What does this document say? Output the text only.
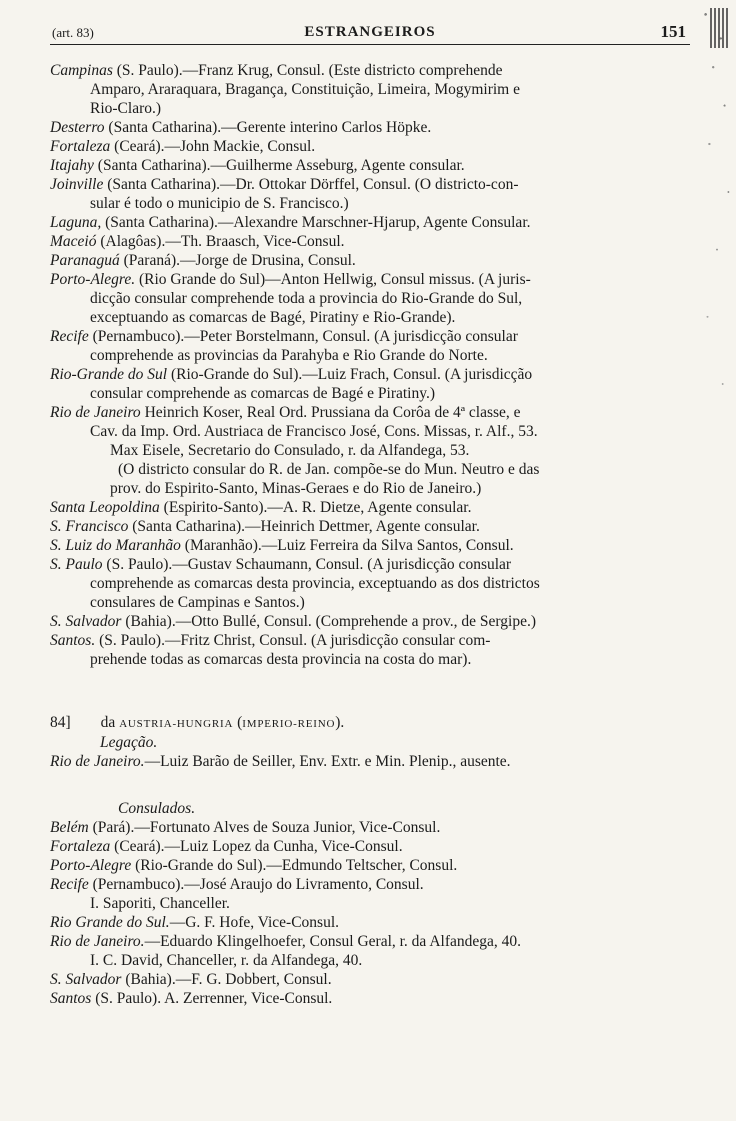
(art. 83)	ESTRANGEIROS	151
Campinas (S. Paulo).—Franz Krug, Consul. (Este districto comprehende
Amparo, Araraquara, Bragança, Constituição, Limeira, Mogymirim e
Rio-Claro.)
Desterro (Santa Catharina).—Gerente interino Carlos Höpke.
Fortaleza (Ceará).—John Mackie, Consul.
Itajahy (Santa Catharina).—Guilherme Asseburg, Agente consular.
Joinville (Santa Catharina).—Dr. Ottokar Dörffel, Consul. (O districto-con-
sular é todo o municipio de S. Francisco.)
Laguna, (Santa Catharina).—Alexandre Marschner-Hjarup, Agente Consular.
Maceió (Alagôas).—Th. Braasch, Vice-Consul.
Paranaguá (Paraná).—Jorge de Drusina, Consul.
Porto-Alegre. (Rio Grande do Sul)—Anton Hellwig, Consul missus. (A juris-
dicção consular comprehende toda a provincia do Rio-Grande do Sul,
exceptuando as comarcas de Bagé, Piratiny e Rio-Grande).
Recife (Pernambuco).—Peter Borstelmann, Consul. (A jurisdicção consular
comprehende as provincias da Parahyba e Rio Grande do Norte.
Rio-Grande do Sul (Rio-Grande do Sul).—Luiz Frach, Consul. (A jurisdicção
consular comprehende as comarcas de Bagé e Piratiny.)
Rio de Janeiro Heinrich Koser, Real Ord. Prussiana da Corôa de 4ª classe, e
Cav. da Imp. Ord. Austriaca de Francisco José, Cons. Missas, r. Alf., 53.
Max Eisele, Secretario do Consulado, r. da Alfandega, 53.
(O districto consular do R. de Jan. compõe-se do Mun. Neutro e das
prov. do Espirito-Santo, Minas-Geraes e do Rio de Janeiro.)
Santa Leopoldina (Espirito-Santo).—A. R. Dietze, Agente consular.
S. Francisco (Santa Catharina).—Heinrich Dettmer, Agente consular.
S. Luiz do Maranhão (Maranhão).—Luiz Ferreira da Silva Santos, Consul.
S. Paulo (S. Paulo).—Gustav Schaumann, Consul. (A jurisdicção consular
comprehende as comarcas desta provincia, exceptuando as dos districtos
consulares de Campinas e Santos.)
S. Salvador (Bahia).—Otto Bullé, Consul. (Comprehende a prov., de Sergipe.)
Santos. (S. Paulo).—Fritz Christ, Consul. (A jurisdicção consular com-
prehende todas as comarcas desta provincia na costa do mar).
84] da AUSTRIA-HUNGRIA (IMPERIO-REINO).
Legação.
Rio de Janeiro.—Luiz Barão de Seiller, Env. Extr. e Min. Plenip., ausente.
Consulados.
Belém (Pará).—Fortunato Alves de Souza Junior, Vice-Consul.
Fortaleza (Ceará).—Luiz Lopez da Cunha, Vice-Consul.
Porto-Alegre (Rio-Grande do Sul).—Edmundo Teltscher, Consul.
Recife (Pernambuco).—José Araujo do Livramento, Consul.
I. Saporiti, Chanceller.
Rio Grande do Sul.—G. F. Hofe, Vice-Consul.
Rio de Janeiro.—Eduardo Klingelhoefer, Consul Geral, r. da Alfandega, 40.
I. C. David, Chanceller, r. da Alfandega, 40.
S. Salvador (Bahia).—F. G. Dobbert, Consul.
Santos (S. Paulo). A. Zerrenner, Vice-Consul.
